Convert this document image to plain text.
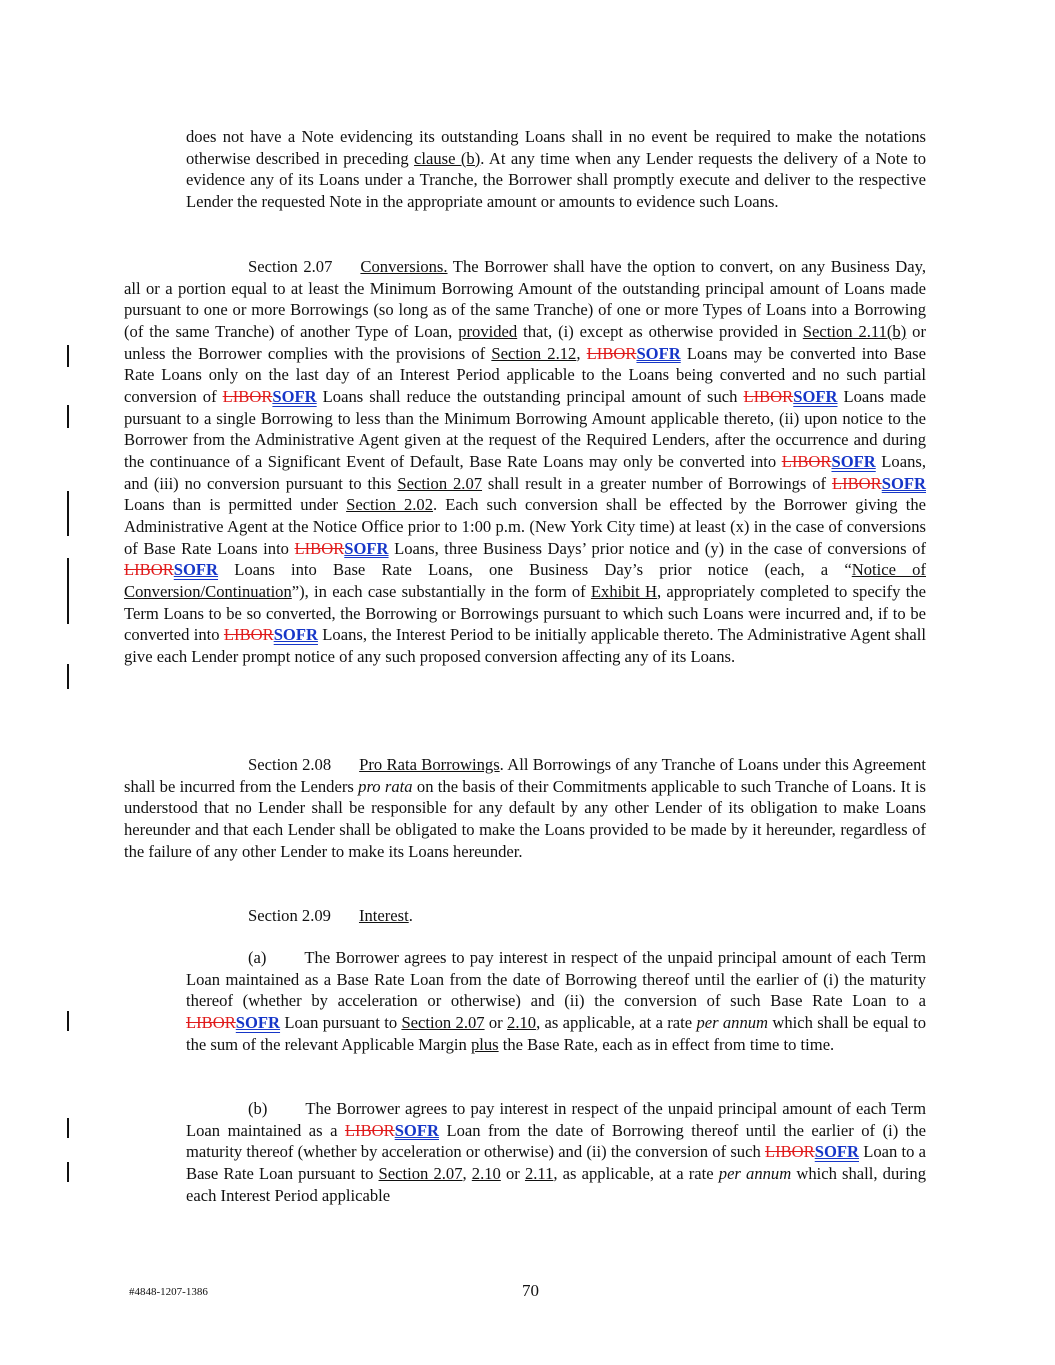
does not have a Note evidencing its outstanding Loans shall in no event be required to make the notations otherwise described in preceding clause (b). At any time when any Lender requests the delivery of a Note to evidence any of its Loans under a Tranche, the Borrower shall promptly execute and deliver to the respective Lender the requested Note in the appropriate amount or amounts to evidence such Loans.

Section 2.07 Conversions. The Borrower shall have the option to convert, on any Business Day, all or a portion equal to at least the Minimum Borrowing Amount of the outstanding principal amount of Loans made pursuant to one or more Borrowings (so long as of the same Tranche) of one or more Types of Loans into a Borrowing (of the same Tranche) of another Type of Loan, provided that, (i) except as otherwise provided in Section 2.11(b) or unless the Borrower complies with the provisions of Section 2.12, LIBORSOFR Loans may be converted into Base Rate Loans only on the last day of an Interest Period applicable to the Loans being converted and no such partial conversion of LIBORSOFR Loans shall reduce the outstanding principal amount of such LIBORSOFR Loans made pursuant to a single Borrowing to less than the Minimum Borrowing Amount applicable thereto, (ii) upon notice to the Borrower from the Administrative Agent given at the request of the Required Lenders, after the occurrence and during the continuance of a Significant Event of Default, Base Rate Loans may only be converted into LIBORSOFR Loans, and (iii) no conversion pursuant to this Section 2.07 shall result in a greater number of Borrowings of LIBORSOFR Loans than is permitted under Section 2.02. Each such conversion shall be effected by the Borrower giving the Administrative Agent at the Notice Office prior to 1:00 p.m. (New York City time) at least (x) in the case of conversions of Base Rate Loans into LIBORSOFR Loans, three Business Days’ prior notice and (y) in the case of conversions of LIBORSOFR Loans into Base Rate Loans, one Business Day’s prior notice (each, a “Notice of Conversion/Continuation”), in each case substantially in the form of Exhibit H, appropriately completed to specify the Term Loans to be so converted, the Borrowing or Borrowings pursuant to which such Loans were incurred and, if to be converted into LIBORSOFR Loans, the Interest Period to be initially applicable thereto. The Administrative Agent shall give each Lender prompt notice of any such proposed conversion affecting any of its Loans.

Section 2.08 Pro Rata Borrowings. All Borrowings of any Tranche of Loans under this Agreement shall be incurred from the Lenders pro rata on the basis of their Commitments applicable to such Tranche of Loans. It is understood that no Lender shall be responsible for any default by any other Lender of its obligation to make Loans hereunder and that each Lender shall be obligated to make the Loans provided to be made by it hereunder, regardless of the failure of any other Lender to make its Loans hereunder.

Section 2.09 Interest.

(a) The Borrower agrees to pay interest in respect of the unpaid principal amount of each Term Loan maintained as a Base Rate Loan from the date of Borrowing thereof until the earlier of (i) the maturity thereof (whether by acceleration or otherwise) and (ii) the conversion of such Base Rate Loan to a LIBORSOFR Loan pursuant to Section 2.07 or 2.10, as applicable, at a rate per annum which shall be equal to the sum of the relevant Applicable Margin plus the Base Rate, each as in effect from time to time.

(b) The Borrower agrees to pay interest in respect of the unpaid principal amount of each Term Loan maintained as a LIBORSOFR Loan from the date of Borrowing thereof until the earlier of (i) the maturity thereof (whether by acceleration or otherwise) and (ii) the conversion of such LIBORSOFR Loan to a Base Rate Loan pursuant to Section 2.07, 2.10 or 2.11, as applicable, at a rate per annum which shall, during each Interest Period applicable

#4848-1207-1386	70
